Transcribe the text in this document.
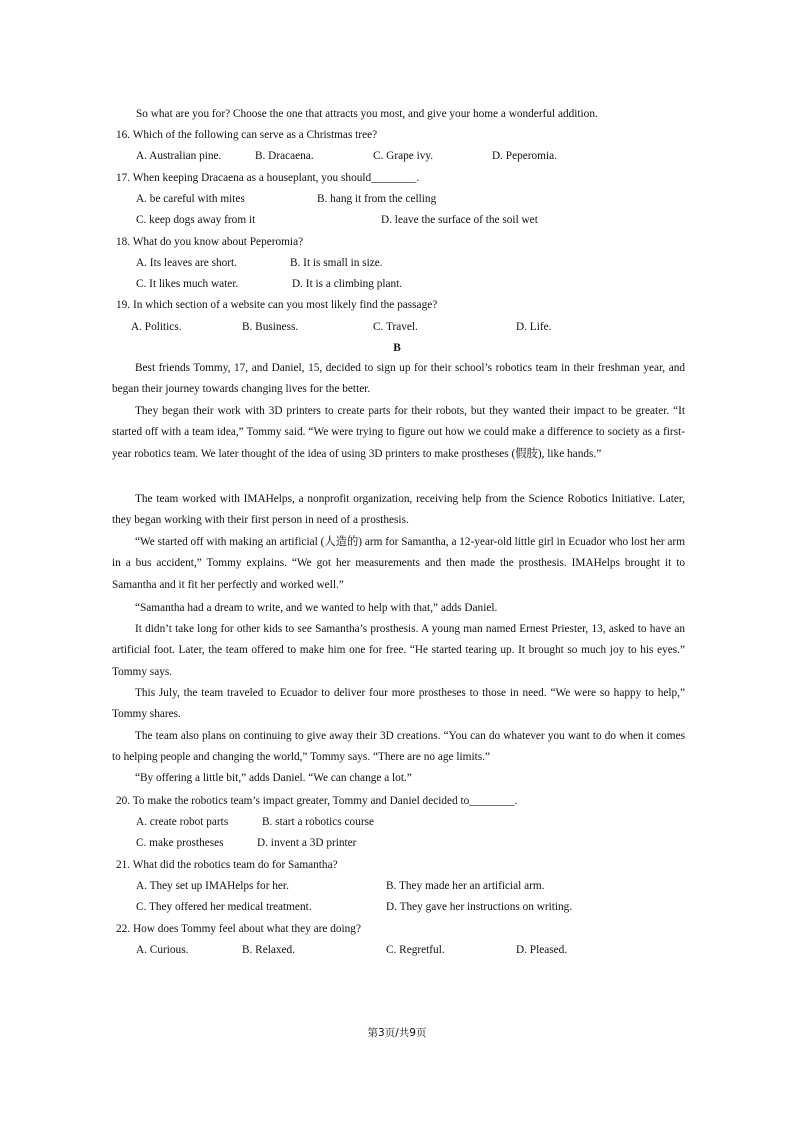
So what are you for? Choose the one that attracts you most, and give your home a wonderful addition.
16. Which of the following can serve as a Christmas tree?
A. Australian pine.	B. Dracaena.	C. Grape ivy.	D. Peperomia.
17. When keeping Dracaena as a houseplant, you should________.
A. be careful with mites	B. hang it from the celling
C. keep dogs away from it	D. leave the surface of the soil wet
18. What do you know about Peperomia?
A. Its leaves are short.	B. It is small in size.
C. It likes much water.	D. It is a climbing plant.
19. In which section of a website can you most likely find the passage?
A. Politics.	B. Business.	C. Travel.	D. Life.
B

Best friends Tommy, 17, and Daniel, 15, decided to sign up for their school’s robotics team in their freshman year, and began their journey towards changing lives for the better.

They began their work with 3D printers to create parts for their robots, but they wanted their impact to be greater. “It started off with a team idea,” Tommy said. “We were trying to figure out how we could make a difference to society as a first-year robotics team. We later thought of the idea of using 3D printers to make prostheses (假肢), like hands.”

The team worked with IMAHelps, a nonprofit organization, receiving help from the Science Robotics Initiative. Later, they began working with their first person in need of a prosthesis.

“We started off with making an artificial (人造的) arm for Samantha, a 12-year-old little girl in Ecuador who lost her arm in a bus accident,” Tommy explains. “We got her measurements and then made the prosthesis. IMAHelps brought it to Samantha and it fit her perfectly and worked well.”

“Samantha had a dream to write, and we wanted to help with that,” adds Daniel.

It didn’t take long for other kids to see Samantha’s prosthesis. A young man named Ernest Priester, 13, asked to have an artificial foot. Later, the team offered to make him one for free. “He started tearing up. It brought so much joy to his eyes.” Tommy says.

This July, the team traveled to Ecuador to deliver four more prostheses to those in need. “We were so happy to help,” Tommy shares.

The team also plans on continuing to give away their 3D creations. “You can do whatever you want to do when it comes to helping people and changing the world,” Tommy says. “There are no age limits.”

“By offering a little bit,” adds Daniel. “We can change a lot.”

20. To make the robotics team’s impact greater, Tommy and Daniel decided to________.
A. create robot parts	B. start a robotics course
C. make prostheses	D. invent a 3D printer
21. What did the robotics team do for Samantha?
A. They set up IMAHelps for her.	B. They made her an artificial arm.
C. They offered her medical treatment.	D. They gave her instructions on writing.
22. How does Tommy feel about what they are doing?
A. Curious.	B. Relaxed.	C. Regretful.	D. Pleased.
第3页/共9页
